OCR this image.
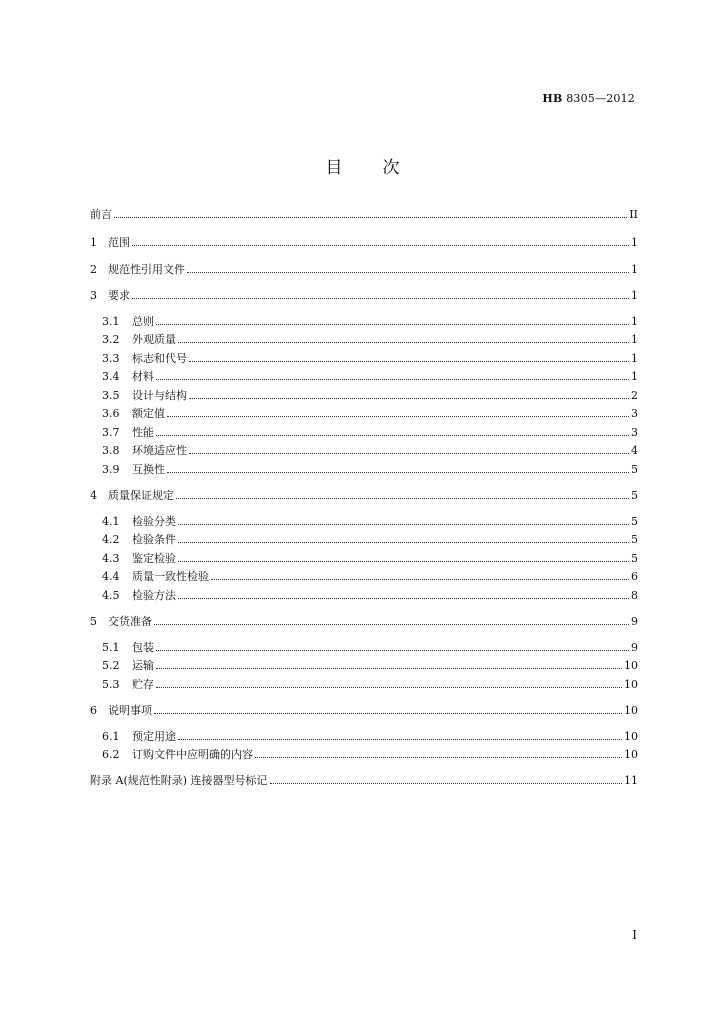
HB 8305—2012
目次
前言	II
1	范围	1
2	规范性引用文件	1
3	要求	1
3.1	总则	1
3.2	外观质量	1
3.3	标志和代号	1
3.4	材料	1
3.5	设计与结构	2
3.6	额定值	3
3.7	性能	3
3.8	环境适应性	4
3.9	互换性	5
4	质量保证规定	5
4.1	检验分类	5
4.2	检验条件	5
4.3	鉴定检验	5
4.4	质量一致性检验	6
4.5	检验方法	8
5	交货准备	9
5.1	包装	9
5.2	运输	10
5.3	贮存	10
6	说明事项	10
6.1	预定用途	10
6.2	订购文件中应明确的内容	10
附录 A(规范性附录) 连接器型号标记	11
I
